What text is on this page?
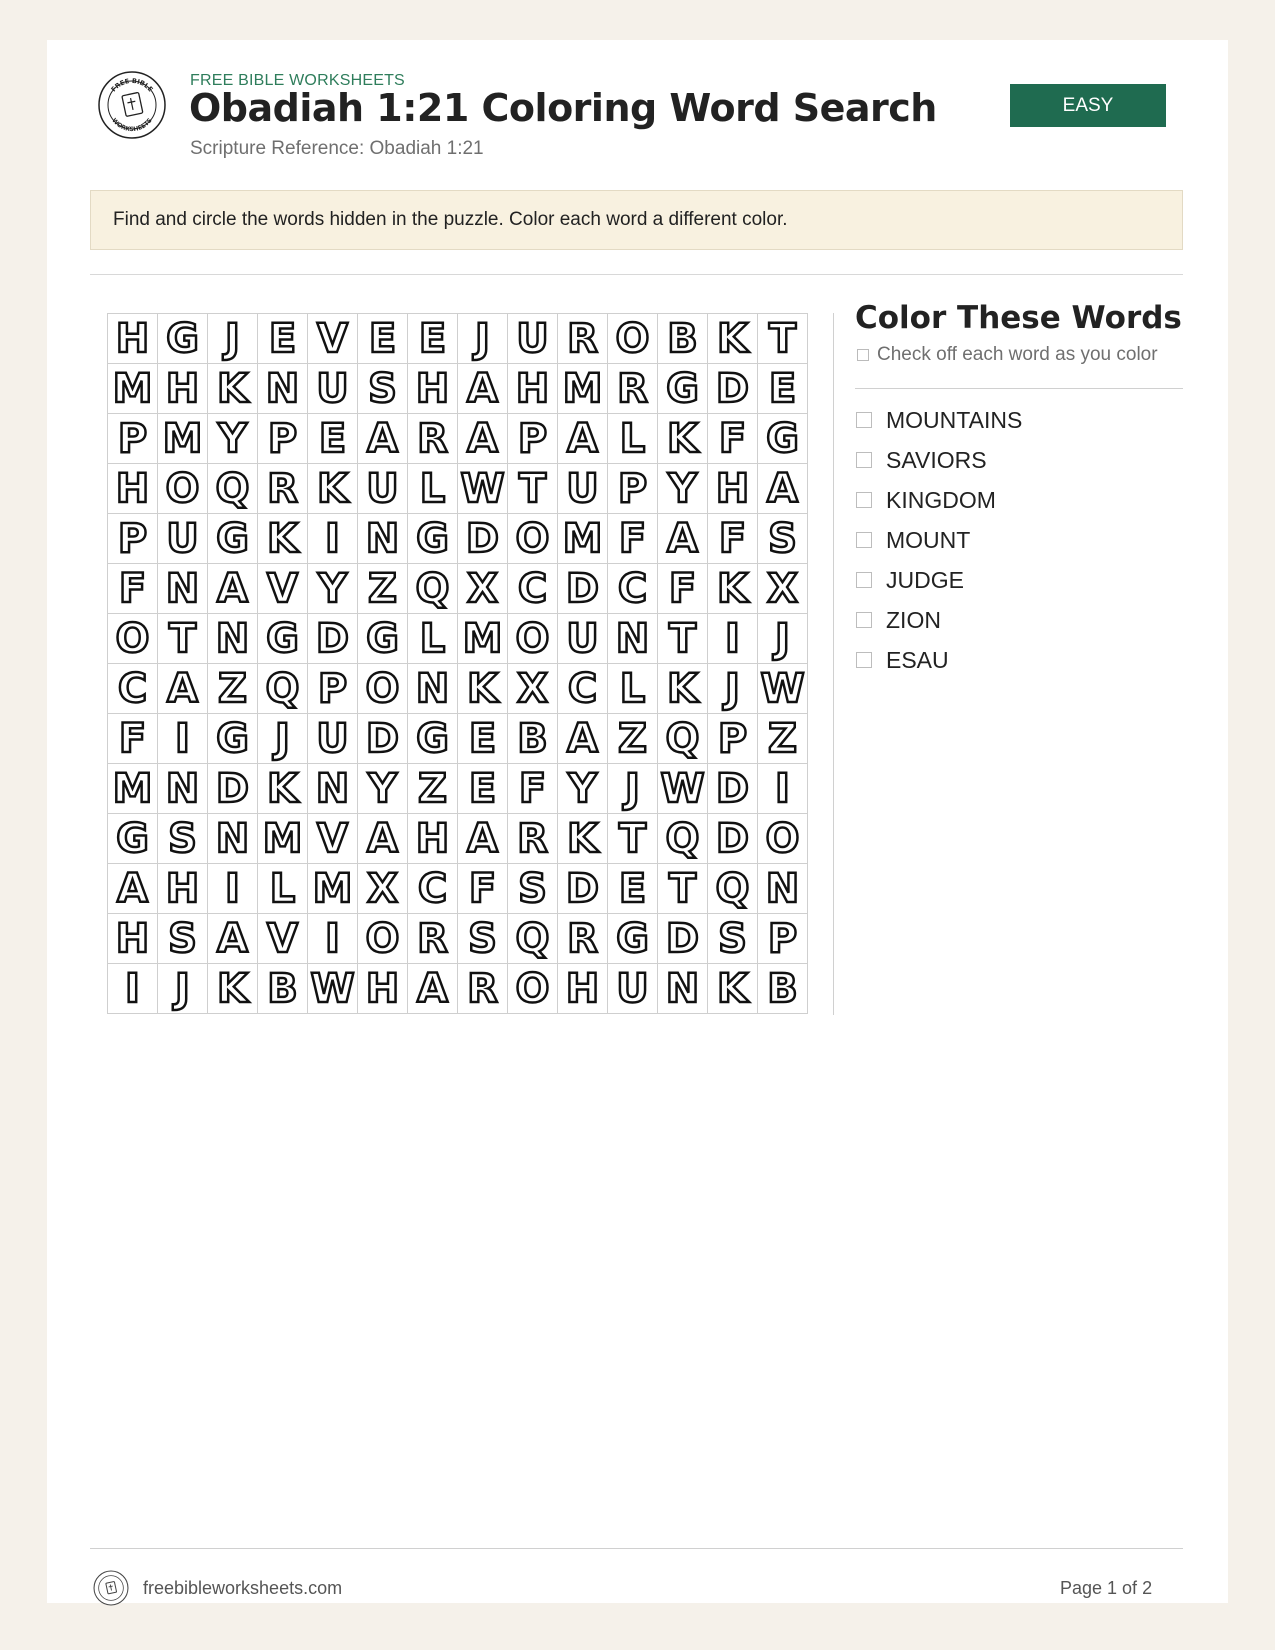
FREE BIBLE
WORKSHEETS
FREE BIBLE WORKSHEETS
Obadiah 1:21 Coloring Word Search
Scripture Reference: Obadiah 1:21
EASY
Find and circle the words hidden in the puzzle. Color each word a different color.
H G J E V E E J U R O B K T
M H K N U S H A H M R G D E
P M Y P E A R A P A L K F G
H O Q R K U L W T U P Y H A
P U G K I N G D O M F A F S
F N A V Y Z Q X C D C F K X
O T N G D G L M O U N T I J
C A Z Q P O N K X C L K J W
F I G J U D G E B A Z Q P Z
M N D K N Y Z E F Y J W D I
G S N M V A H A R K T Q D O
A H I L M X C F S D E T Q N
H S A V I O R S Q R G D S P
I J K B W H A R O H U N K B
Color These Words
Check off each word as you color
MOUNTAINS
SAVIORS
KINGDOM
MOUNT
JUDGE
ZION
ESAU
freebibleworksheets.com	Page 1 of 2
